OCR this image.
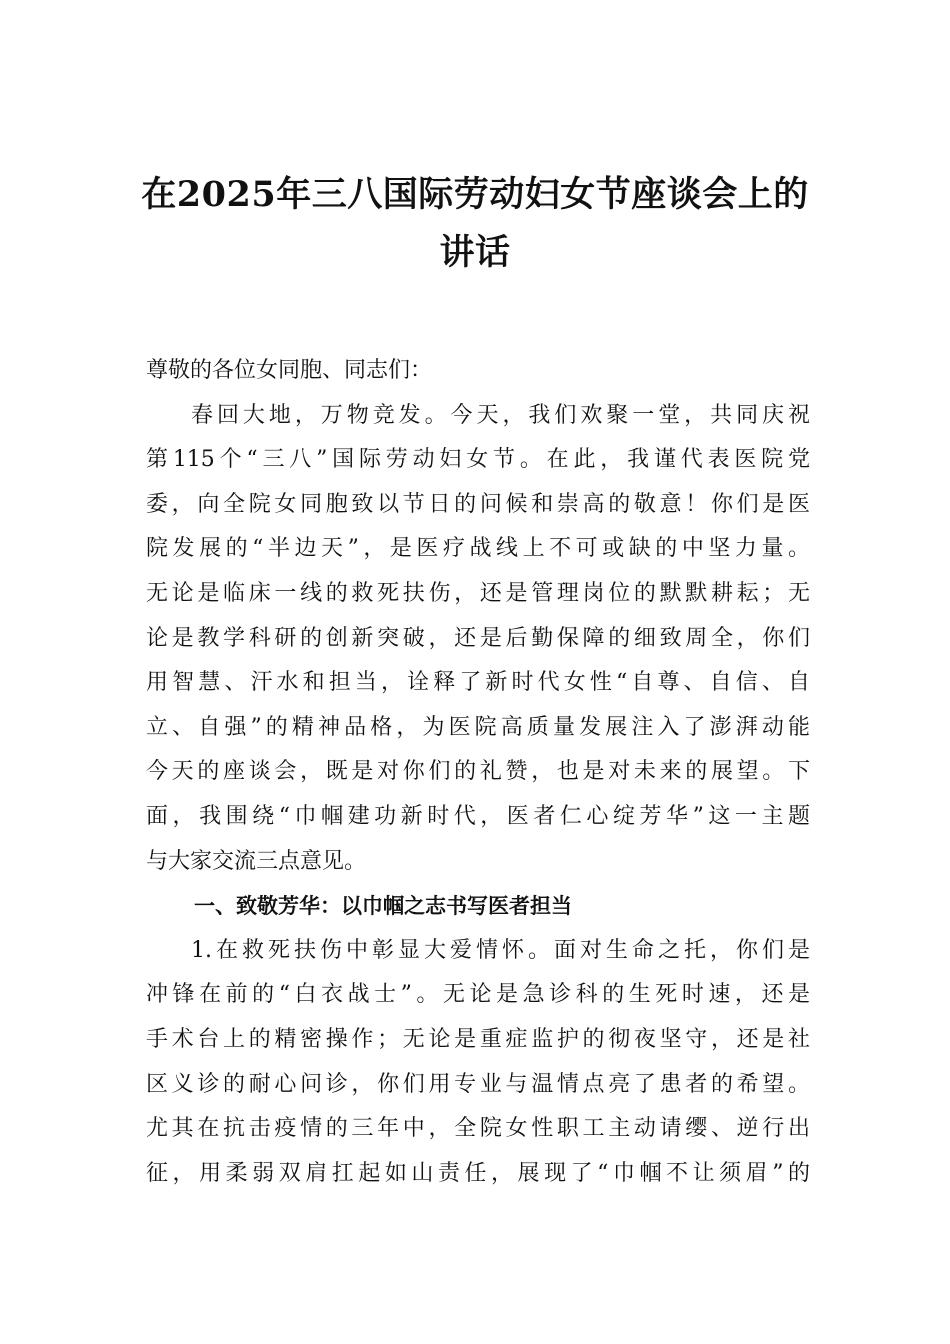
在2025年三八国际劳动妇女节座谈会上的
讲话
尊敬的各位女同胞、同志们：
春回大地，万物竞发。今天，我们欢聚一堂，共同庆祝
第115个“三八”国际劳动妇女节。在此，我谨代表医院党
委，向全院女同胞致以节日的问候和崇高的敬意！你们是医
院发展的“半边天”，是医疗战线上不可或缺的中坚力量。
无论是临床一线的救死扶伤，还是管理岗位的默默耕耘；无
论是教学科研的创新突破，还是后勤保障的细致周全，你们
用智慧、汗水和担当，诠释了新时代女性“自尊、自信、自
立、自强”的精神品格，为医院高质量发展注入了澎湃动能
今天的座谈会，既是对你们的礼赞，也是对未来的展望。下
面，我围绕“巾帼建功新时代，医者仁心绽芳华”这一主题
与大家交流三点意见。
一、致敬芳华：以巾帼之志书写医者担当
1.在救死扶伤中彰显大爱情怀。面对生命之托，你们是
冲锋在前的“白衣战士”。无论是急诊科的生死时速，还是
手术台上的精密操作；无论是重症监护的彻夜坚守，还是社
区义诊的耐心问诊，你们用专业与温情点亮了患者的希望。
尤其在抗击疫情的三年中，全院女性职工主动请缨、逆行出
征，用柔弱双肩扛起如山责任，展现了“巾帼不让须眉”的
